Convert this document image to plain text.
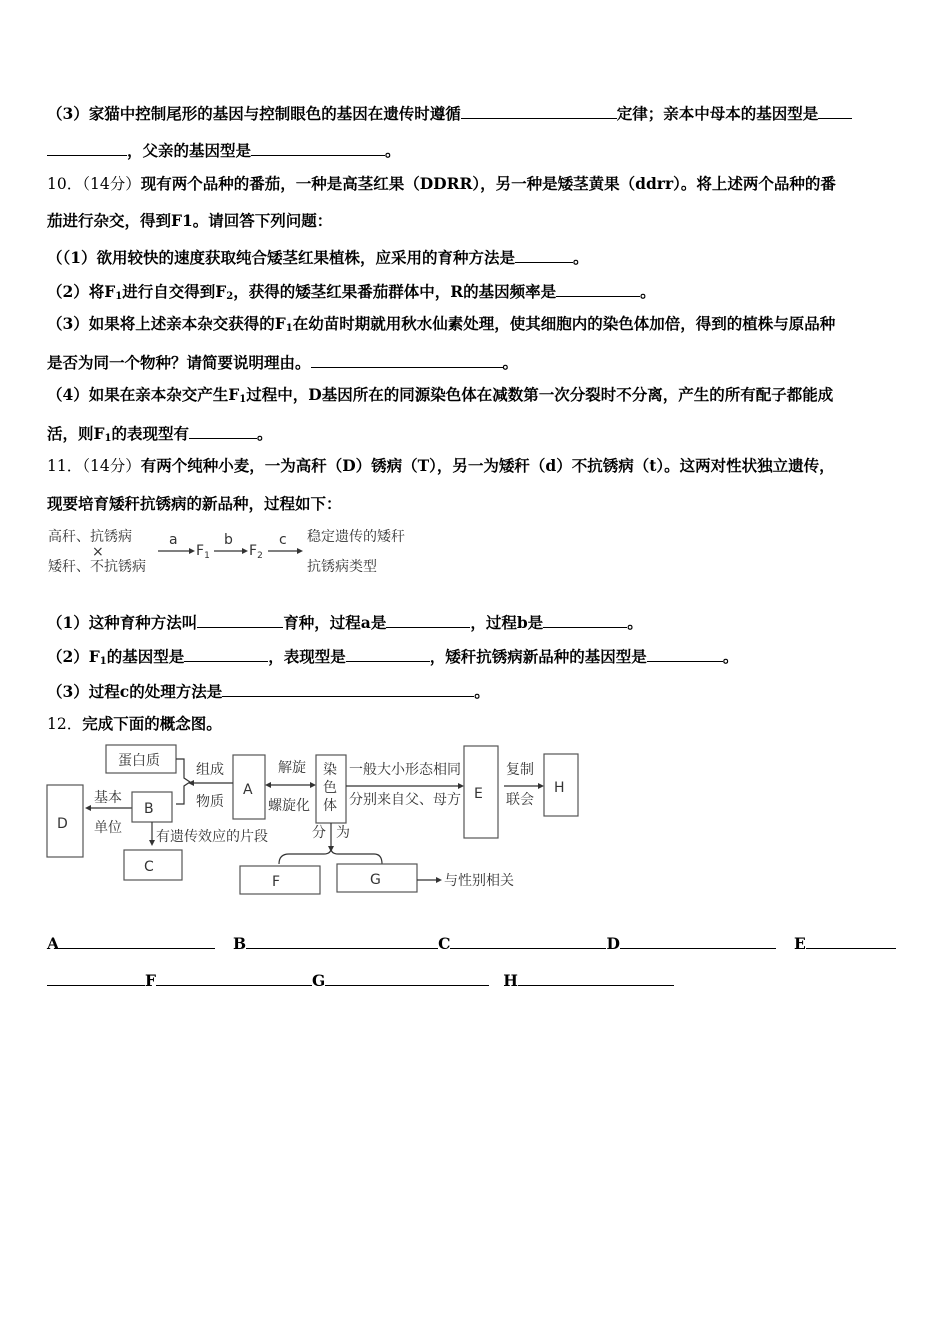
（3）家猫中控制尾形的基因与控制眼色的基因在遗传时遵循	定律；亲本中母本的基因型是
，父亲的基因型是	。
10．（14分）现有两个品种的番茄，一种是高茎红果（DDRR），另一种是矮茎黄果（ddrr）。将上述两个品种的番
茄进行杂交，得到F1。请回答下列问题：
（（1）欲用较快的速度获取纯合矮茎红果植株，应采用的育种方法是	。
（2）将$F_1$进行自交得到$F_2$，获得的矮茎红果番茄群体中，R的基因频率是	。
（3）如果将上述亲本杂交获得的$F_1$在幼苗时期就用秋水仙素处理，使其细胞内的染色体加倍，得到的植株与原品种
是否为同一个物种？请简要说明理由。	。
（4）如果在亲本杂交产生$F_1$过程中，D基因所在的同源染色体在减数第一次分裂时不分离，产生的所有配子都能成
活，则$F_1$的表现型有	。
11．（14分）有两个纯种小麦，一为高秆（D）锈病（T），另一为矮秆（d）不抗锈病（t）。这两对性状独立遗传，
现要培育矮秆抗锈病的新品种，过程如下：
高秆、抗锈病
×
矮秆、不抗锈病
a
$F_1$
b
$F_2$
c 稳定遗传的矮秆
抗锈病类型
（1）这种育种方法叫	育种，过程a是	，过程b是	。
$(2)F_1$的基因型是	，表现型是	，矮秆抗锈病新品种的基因型是	。
（3）过程c的处理方法是	。
12．完成下面的概念图。
蛋白质
组成
物质
A
解旋
螺旋化
染
色
体
一般大小形态相同
分别来自父、母方 E
复制
联会
H
D
基本
单位
B
有遗传效应的片段
C
分 为
F	G	与性别相关
A	B	C	D	E
F	G	H
